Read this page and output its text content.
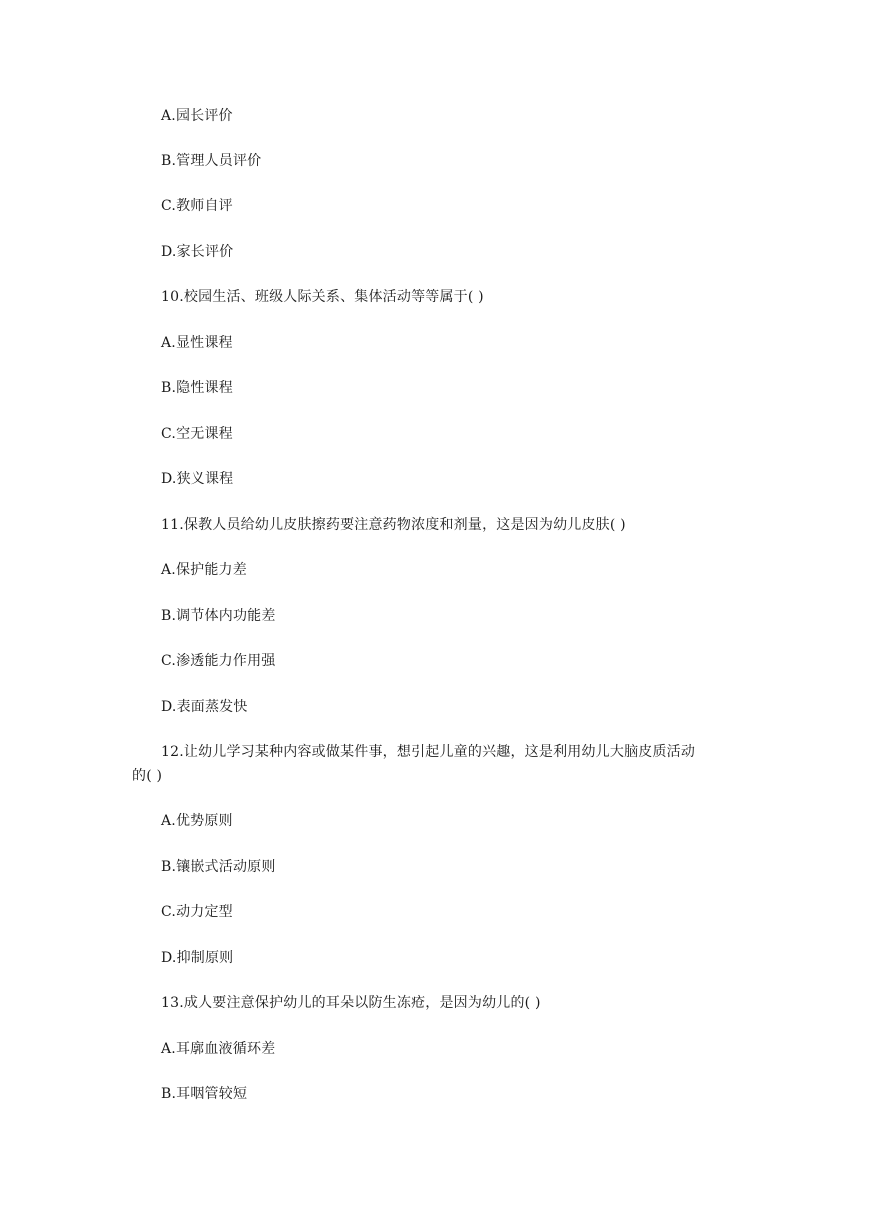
A.园长评价
B.管理人员评价
C.教师自评
D.家长评价
10.校园生活、班级人际关系、集体活动等等属于( )
A.显性课程
B.隐性课程
C.空无课程
D.狭义课程
11.保教人员给幼儿皮肤擦药要注意药物浓度和剂量，这是因为幼儿皮肤( )
A.保护能力差
B.调节体内功能差
C.渗透能力作用强
D.表面蒸发快
12.让幼儿学习某种内容或做某件事，想引起儿童的兴趣，这是利用幼儿大脑皮质活动
的( )
A.优势原则
B.镶嵌式活动原则
C.动力定型
D.抑制原则
13.成人要注意保护幼儿的耳朵以防生冻疮，是因为幼儿的( )
A.耳廓血液循环差
B.耳咽管较短
